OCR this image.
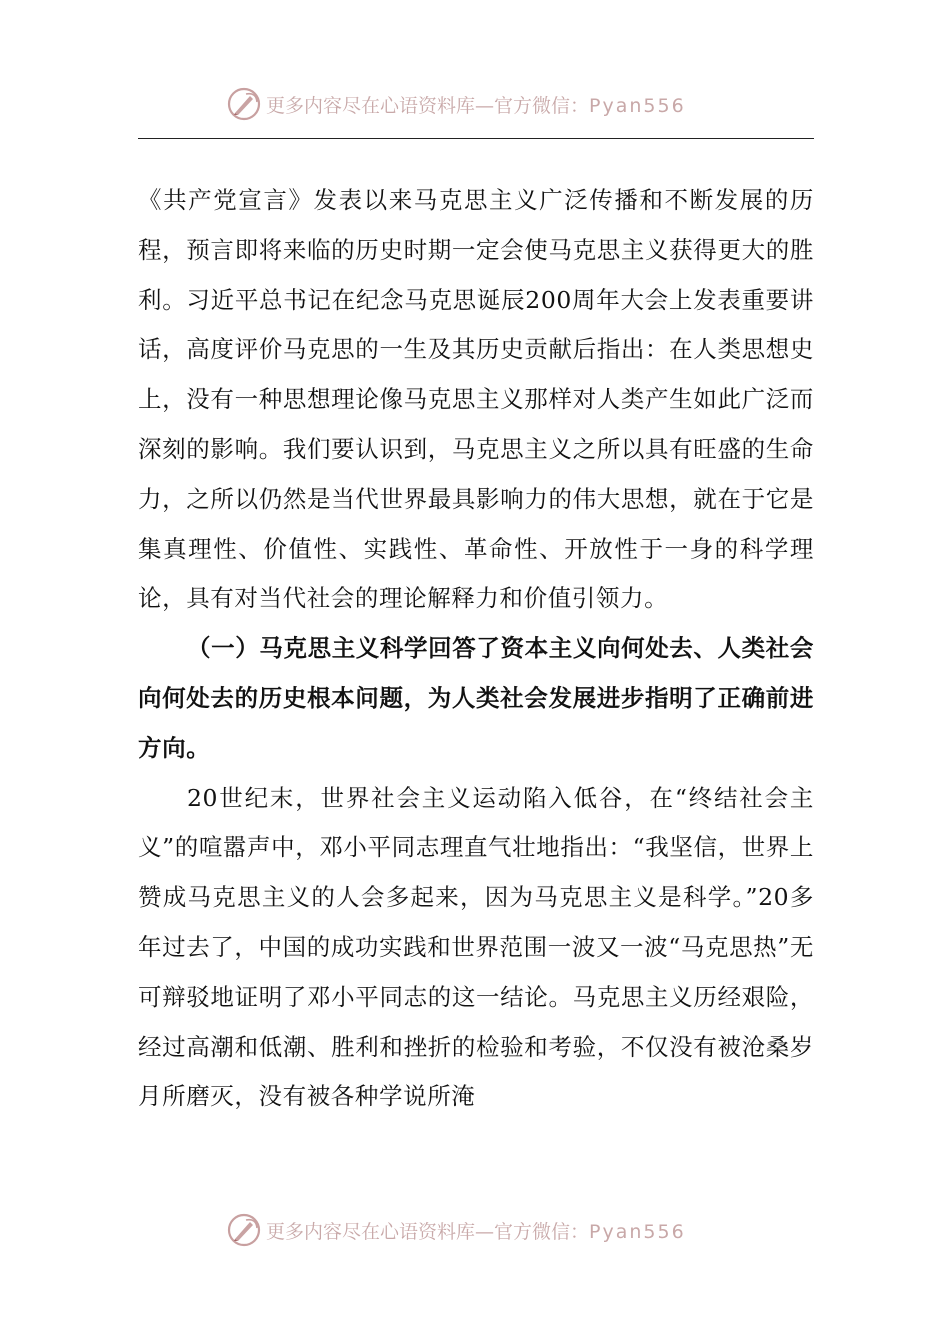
更多内容尽在心语资料库—官方微信：Pyan556

《共产党宣言》发表以来马克思主义广泛传播和不断发展的历程，预言即将来临的历史时期一定会使马克思主义获得更大的胜利。习近平总书记在纪念马克思诞辰200周年大会上发表重要讲话，高度评价马克思的一生及其历史贡献后指出：在人类思想史上，没有一种思想理论像马克思主义那样对人类产生如此广泛而深刻的影响。我们要认识到，马克思主义之所以具有旺盛的生命力，之所以仍然是当代世界最具影响力的伟大思想，就在于它是集真理性、价值性、实践性、革命性、开放性于一身的科学理论，具有对当代社会的理论解释力和价值引领力。

（一）马克思主义科学回答了资本主义向何处去、人类社会向何处去的历史根本问题，为人类社会发展进步指明了正确前进方向。

20世纪末，世界社会主义运动陷入低谷，在“终结社会主义”的喧嚣声中，邓小平同志理直气壮地指出：“我坚信，世界上赞成马克思主义的人会多起来，因为马克思主义是科学。”20多年过去了，中国的成功实践和世界范围一波又一波“马克思热”无可辩驳地证明了邓小平同志的这一结论。马克思主义历经艰险，经过高潮和低潮、胜利和挫折的检验和考验，不仅没有被沧桑岁月所磨灭，没有被各种学说所淹

更多内容尽在心语资料库—官方微信：Pyan556
